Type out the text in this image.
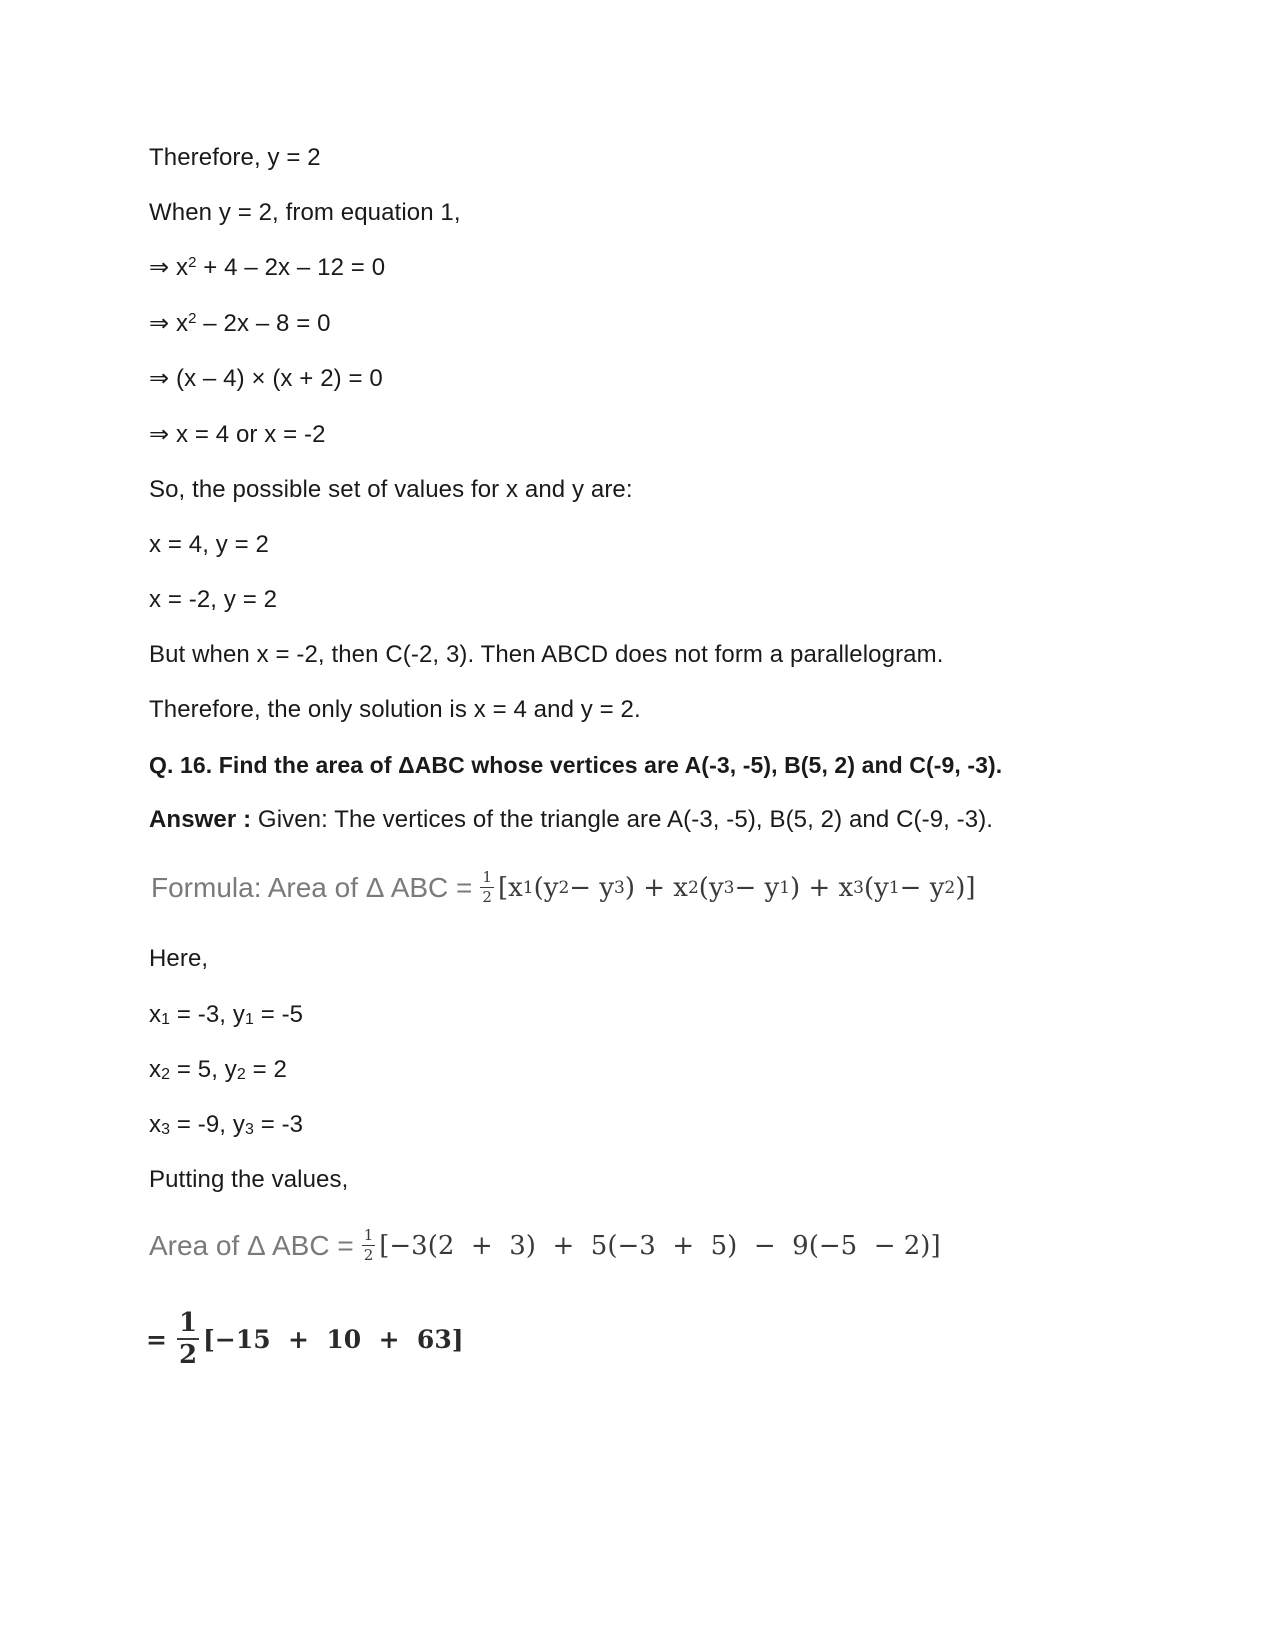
Therefore, y = 2
When y = 2, from equation 1,
⇒ $x^2 + 4 - 2x - 12 = 0$
⇒ $x^2 - 2x - 8 = 0$
⇒ (x – 4) × (x + 2) = 0
⇒ x = 4 or x = -2
So, the possible set of values for x and y are:
x = 4, y = 2
x = -2, y = 2
But when x = -2, then C(-2, 3). Then ABCD does not form a parallelogram.
Therefore, the only solution is x = 4 and y = 2.
Q. 16. Find the area of ΔABC whose vertices are A(-3, -5), B(5, 2) and C(-9, -3).
Answer : Given: The vertices of the triangle are A(-3, -5), B(5, 2) and C(-9, -3).
Formula: Area of Δ ABC = $\frac{1}{2} [x$ 1 (y 2 − y 3 ) + x 2 (y 3 − y 1 ) + x 3 (y 1 − y 2 )]
Here,
x1 = -3, y1 = -5
x2 = 5, y2 = 2
x3 = -9, y3 = -3
Putting the values,
Area of Δ ABC = $\frac{1}{2} [-3(2 + 3) + 5(-3 + 5) - 9(-5 - 2)]$
= $\frac{1}{2} [-15 + 10 + 63]$
